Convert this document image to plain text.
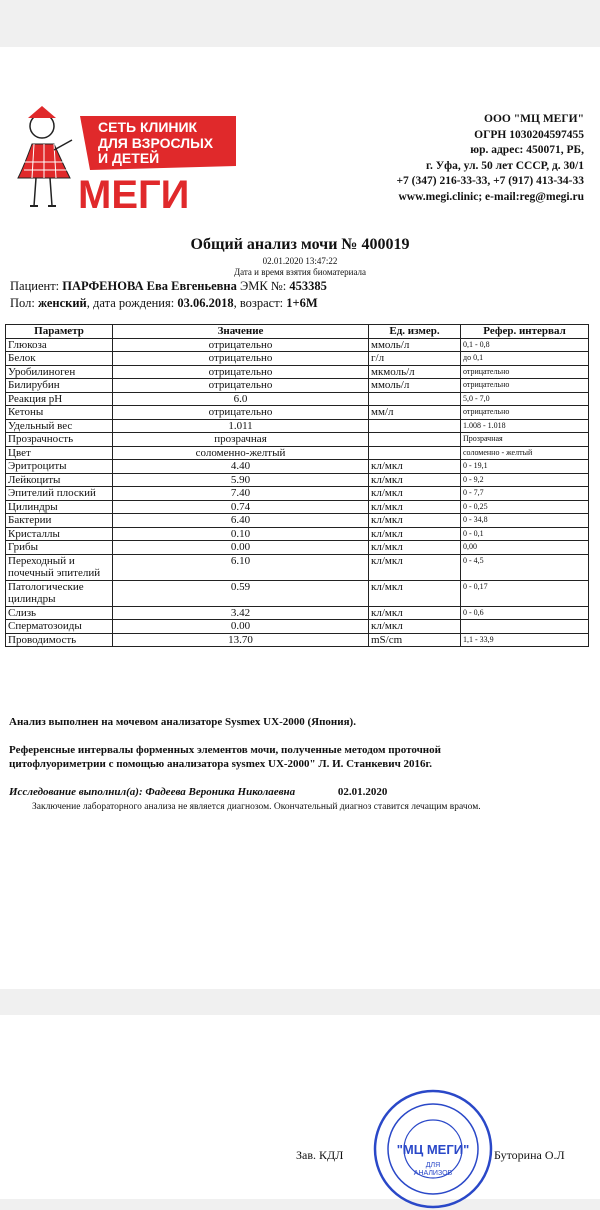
СЕТЬ КЛИНИК
ДЛЯ ВЗРОСЛЫХ
И ДЕТЕЙ
МЕГИ
ООО "МЦ МЕГИ"
ОГРН 1030204597455
юр. адрес: 450071, РБ,
г. Уфа, ул. 50 лет СССР, д. 30/1
+7 (347) 216-33-33, +7 (917) 413-34-33
www.megi.clinic; e-mail:reg@megi.ru
Общий анализ мочи № 400019
02.01.2020 13:47:22
Дата и время взятия биоматериала
Пациент: ПАРФЕНОВА Ева Евгеньевна ЭМК №: 453385
Пол: женский, дата рождения: 03.06.2018, возраст: 1+6М
Параметр	Значение	Ед. измер.	Рефер. интервал
Глюкоза	отрицательно	ммоль/л	0,1 - 0,8
Белок	отрицательно	г/л	до 0,1
Уробилиноген	отрицательно	мкмоль/л	отрицательно
Билирубин	отрицательно	ммоль/л	отрицательно
Реакция pH	6.0		5,0 - 7,0
Кетоны	отрицательно	мм/л	отрицательно
Удельный вес	1.011		1.008 - 1.018
Прозрачность	прозрачная		Прозрачная
Цвет	соломенно-желтый		соломенно - желтый
Эритроциты	4.40	кл/мкл	0 - 19,1
Лейкоциты	5.90	кл/мкл	0 - 9,2
Эпителий плоский	7.40	кл/мкл	0 - 7,7
Цилиндры	0.74	кл/мкл	0 - 0,25
Бактерии	6.40	кл/мкл	0 - 34,8
Кристаллы	0.10	кл/мкл	0 - 0,1
Грибы	0.00	кл/мкл	0,00
Переходный и почечный эпителий	6.10	кл/мкл	0 - 4,5
Патологические цилиндры	0.59	кл/мкл	0 - 0,17
Слизь	3.42	кл/мкл	0 - 0,6
Сперматозоиды	0.00	кл/мкл	
Проводимость	13.70	mS/cm	1,1 - 33,9
Анализ выполнен на мочевом анализаторе Sysmex UX-2000 (Япония).
Референсные интервалы форменных элементов мочи, полученные методом проточной
цитофлуориметрии с помощью анализатора sysmex UX-2000" Л. И. Станкевич 2016г.
Исследование выполнил(а): Фадеева Вероника Николаевна	02.01.2020
Заключение лабораторного анализа не является диагнозом. Окончательный диагноз ставится лечащим врачом.
Зав. КДЛ	Буторина О.Л
"МЦ МЕГИ"
ДЛЯ
АНАЛИЗОВ
